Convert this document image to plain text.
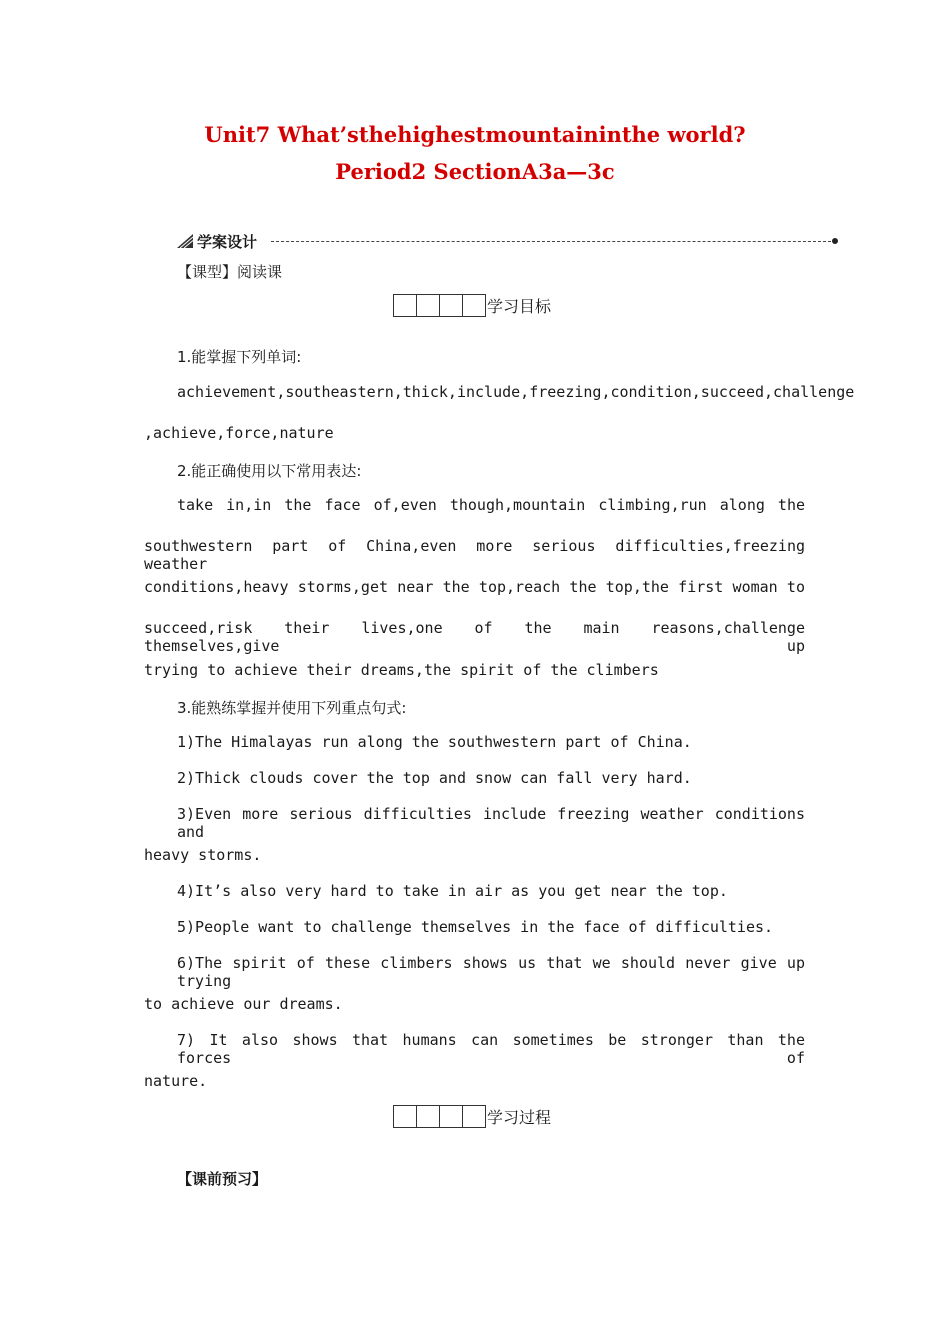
Unit7 What’sthehighestmountaininthe world?
Period2 SectionA3a—3c
学案设计
【课型】阅读课
学习目标
1.能掌握下列单词:
achievement,southeastern,thick,include,freezing,condition,succeed,challenge
,achieve,force,nature
2.能正确使用以下常用表达:
take in,in the face of,even though,mountain climbing,run along the
southwestern part of China,even more serious difficulties,freezing weather
conditions,heavy storms,get near the top,reach the top,the first woman to
succeed,risk their lives,one of the main reasons,challenge themselves,give up
trying to achieve their dreams,the spirit of the climbers
3.能熟练掌握并使用下列重点句式:
1)The Himalayas run along the southwestern part of China.
2)Thick clouds cover the top and snow can fall very hard.
3)Even more serious difficulties include freezing weather conditions and
heavy storms.
4)It’s also very hard to take in air as you get near the top.
5)People want to challenge themselves in the face of difficulties.
6)The spirit of these climbers shows us that we should never give up trying
to achieve our dreams.
7) It also shows that humans can sometimes be stronger than the forces of
nature.
学习过程
【课前预习】
